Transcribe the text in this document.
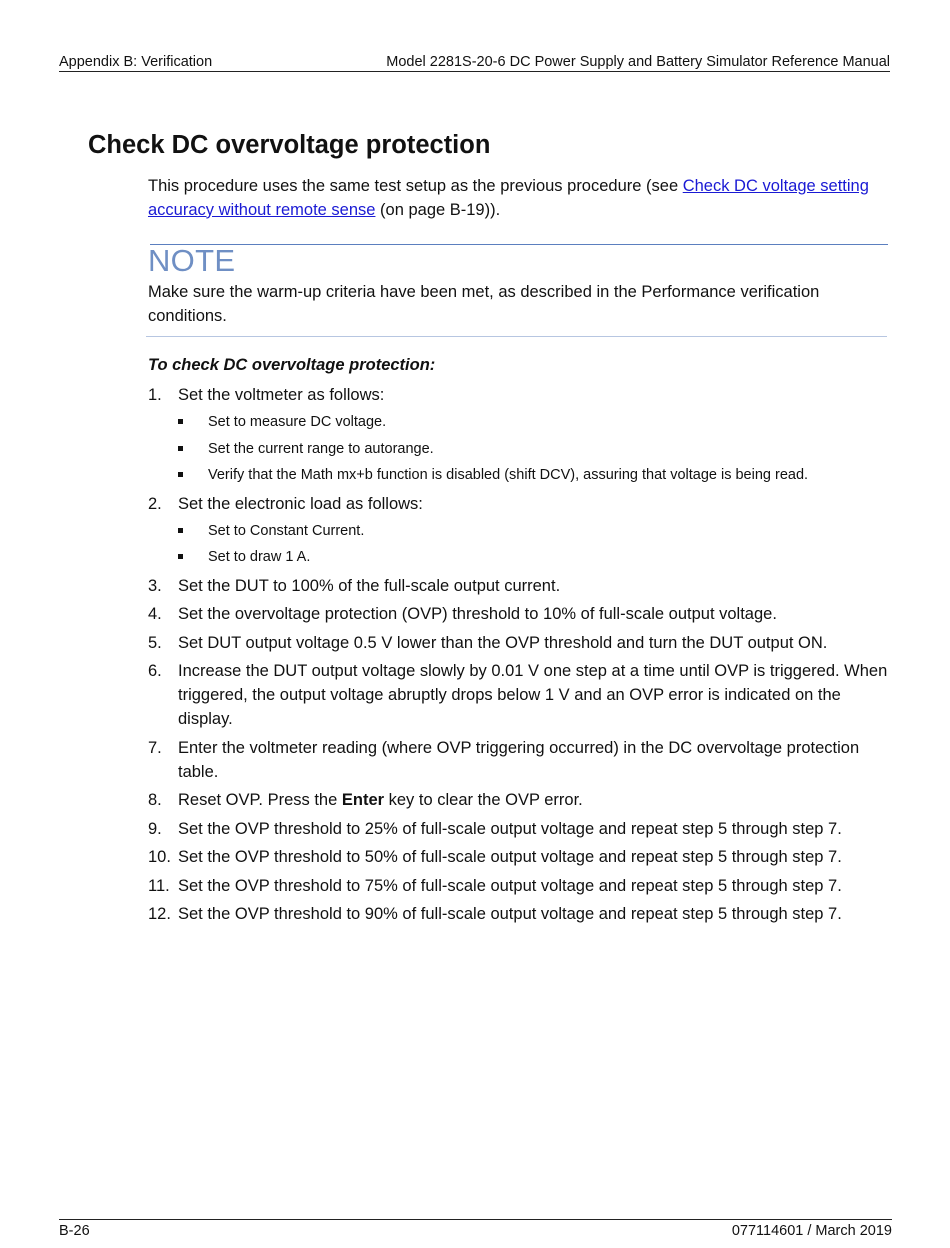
Appendix B: Verification	Model 2281S-20-6 DC Power Supply and Battery Simulator Reference Manual
Check DC overvoltage protection

This procedure uses the same test setup as the previous procedure (see Check DC voltage setting accuracy without remote sense (on page B-19)).

NOTE

Make sure the warm-up criteria have been met, as described in the Performance verification conditions.

To check DC overvoltage protection:

1. Set the voltmeter as follows:
Set to measure DC voltage.
Set the current range to autorange.
Verify that the Math mx+b function is disabled (shift DCV), assuring that voltage is being read.
2. Set the electronic load as follows:
Set to Constant Current.
Set to draw 1 A.
3. Set the DUT to 100% of the full-scale output current.
4. Set the overvoltage protection (OVP) threshold to 10% of full-scale output voltage.
5. Set DUT output voltage 0.5 V lower than the OVP threshold and turn the DUT output ON.
6. Increase the DUT output voltage slowly by 0.01 V one step at a time until OVP is triggered. When triggered, the output voltage abruptly drops below 1 V and an OVP error is indicated on the display.
7. Enter the voltmeter reading (where OVP triggering occurred) in the DC overvoltage protection table.
8. Reset OVP. Press the Enter key to clear the OVP error.
9. Set the OVP threshold to 25% of full-scale output voltage and repeat step 5 through step 7.
10. Set the OVP threshold to 50% of full-scale output voltage and repeat step 5 through step 7.
11. Set the OVP threshold to 75% of full-scale output voltage and repeat step 5 through step 7.
12. Set the OVP threshold to 90% of full-scale output voltage and repeat step 5 through step 7.
B-26	077114601 / March 2019
